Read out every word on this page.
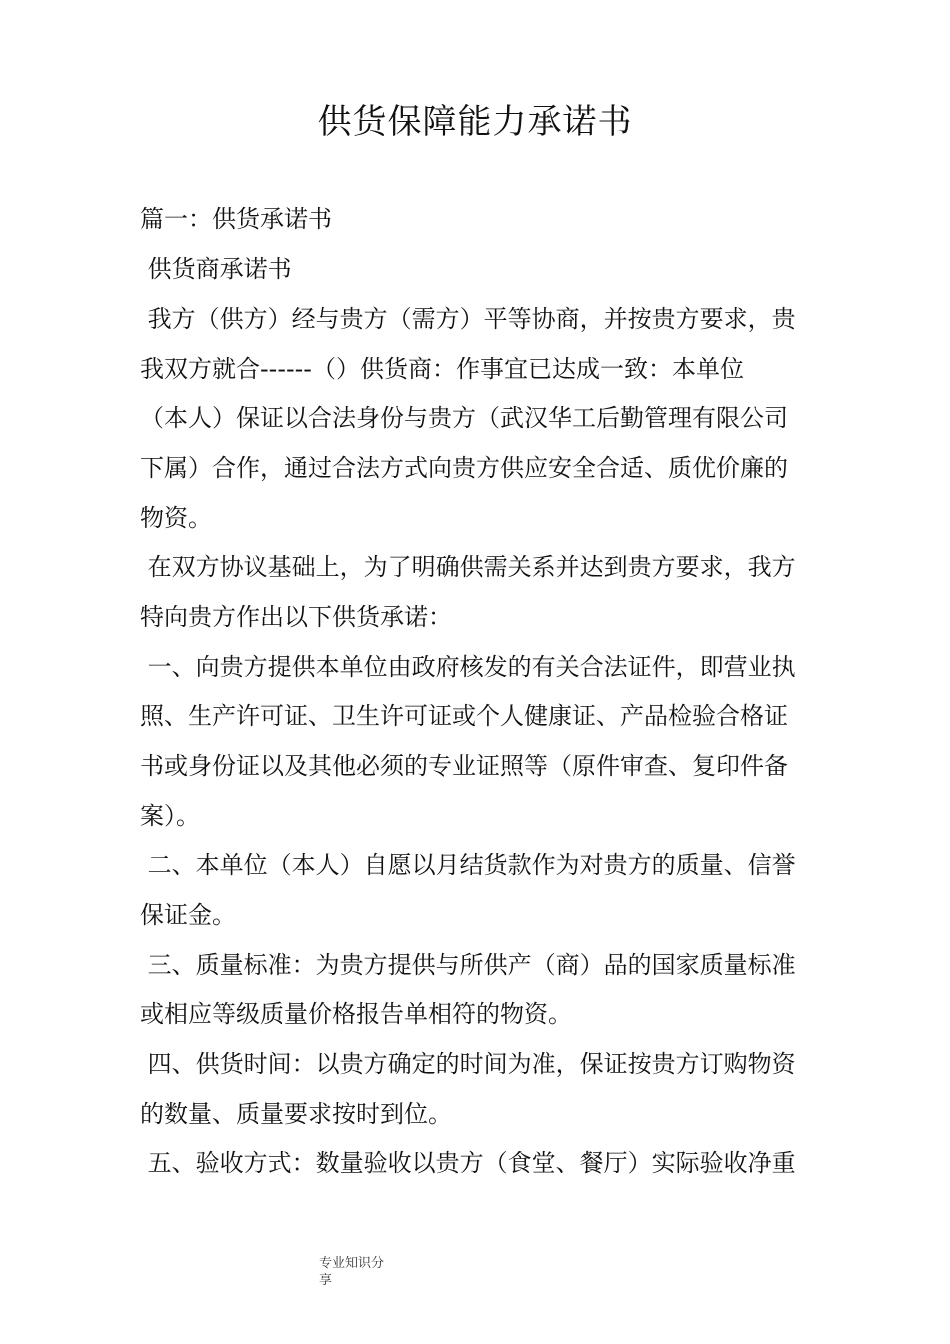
供货保障能力承诺书
篇一：供货承诺书
供货商承诺书
我方（供方）经与贵方（需方）平等协商，并按贵方要求，贵
我双方就合------（）供货商：作事宜已达成一致：本单位
（本人）保证以合法身份与贵方（武汉华工后勤管理有限公司
下属）合作，通过合法方式向贵方供应安全合适、质优价廉的
物资。
在双方协议基础上，为了明确供需关系并达到贵方要求，我方
特向贵方作出以下供货承诺：
一、向贵方提供本单位由政府核发的有关合法证件，即营业执
照、生产许可证、卫生许可证或个人健康证、产品检验合格证
书或身份证以及其他必须的专业证照等（原件审查、复印件备
案）。
二、本单位（本人）自愿以月结货款作为对贵方的质量、信誉
保证金。
三、质量标准：为贵方提供与所供产（商）品的国家质量标准
或相应等级质量价格报告单相符的物资。
四、供货时间：以贵方确定的时间为准，保证按贵方订购物资
的数量、质量要求按时到位。
五、验收方式：数量验收以贵方（食堂、餐厅）实际验收净重
专业知识分
享
